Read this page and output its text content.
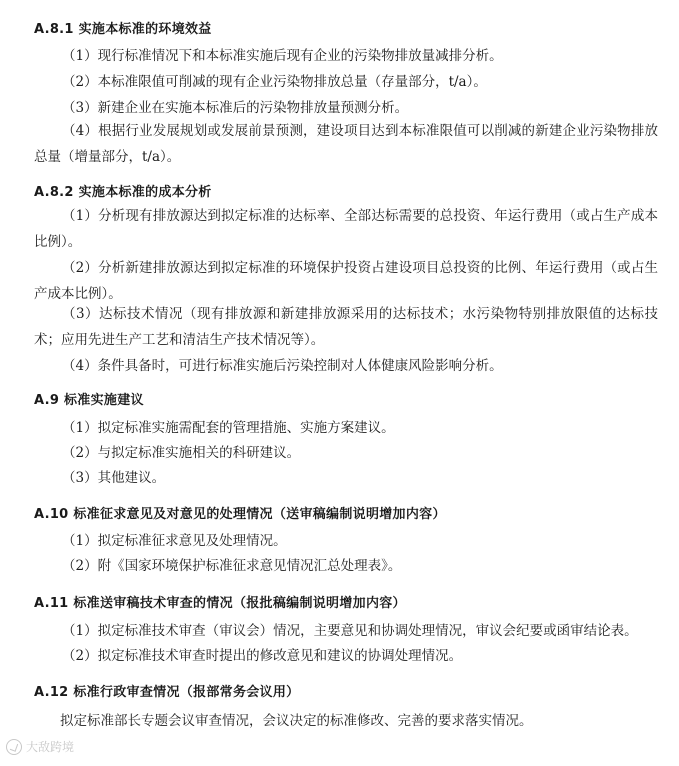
A.8.1 实施本标准的环境效益
（1）现行标准情况下和本标准实施后现有企业的污染物排放量减排分析。
（2）本标准限值可削减的现有企业污染物排放总量（存量部分，t/a）。
（3）新建企业在实施本标准后的污染物排放量预测分析。
（4）根据行业发展规划或发展前景预测，建设项目达到本标准限值可以削减的新建企业污染物排放总量（增量部分，t/a）。
A.8.2 实施本标准的成本分析
（1）分析现有排放源达到拟定标准的达标率、全部达标需要的总投资、年运行费用（或占生产成本比例）。
（2）分析新建排放源达到拟定标准的环境保护投资占建设项目总投资的比例、年运行费用（或占生产成本比例）。
（3）达标技术情况（现有排放源和新建排放源采用的达标技术；水污染物特别排放限值的达标技术；应用先进生产工艺和清洁生产技术情况等）。
（4）条件具备时，可进行标准实施后污染控制对人体健康风险影响分析。
A.9 标准实施建议
（1）拟定标准实施需配套的管理措施、实施方案建议。
（2）与拟定标准实施相关的科研建议。
（3）其他建议。
A.10 标准征求意见及对意见的处理情况（送审稿编制说明增加内容）
（1）拟定标准征求意见及处理情况。
（2）附《国家环境保护标准征求意见情况汇总处理表》。
A.11 标准送审稿技术审查的情况（报批稿编制说明增加内容）
（1）拟定标准技术审查（审议会）情况，主要意见和协调处理情况，审议会纪要或函审结论表。
（2）拟定标准技术审查时提出的修改意见和建议的协调处理情况。
A.12 标准行政审查情况（报部常务会议用）
拟定标准部长专题会议审查情况，会议决定的标准修改、完善的要求落实情况。
大敌跨境
